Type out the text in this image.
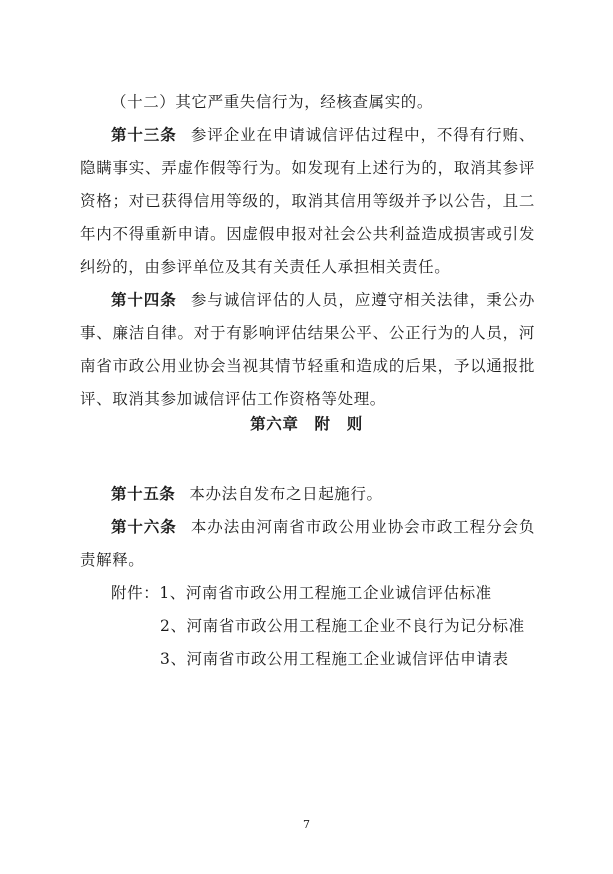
（十二）其它严重失信行为，经核查属实的。

第十三条 参评企业在申请诚信评估过程中，不得有行贿、隐瞒事实、弄虚作假等行为。如发现有上述行为的，取消其参评资格；对已获得信用等级的，取消其信用等级并予以公告，且二年内不得重新申请。因虚假申报对社会公共利益造成损害或引发纠纷的，由参评单位及其有关责任人承担相关责任。

第十四条 参与诚信评估的人员，应遵守相关法律，秉公办事、廉洁自律。对于有影响评估结果公平、公正行为的人员，河南省市政公用业协会当视其情节轻重和造成的后果，予以通报批评、取消其参加诚信评估工作资格等处理。

第六章　附　则

第十五条 本办法自发布之日起施行。

第十六条 本办法由河南省市政公用业协会市政工程分会负责解释。

附件：1、河南省市政公用工程施工企业诚信评估标准
2、河南省市政公用工程施工企业不良行为记分标准
3、河南省市政公用工程施工企业诚信评估申请表
7
